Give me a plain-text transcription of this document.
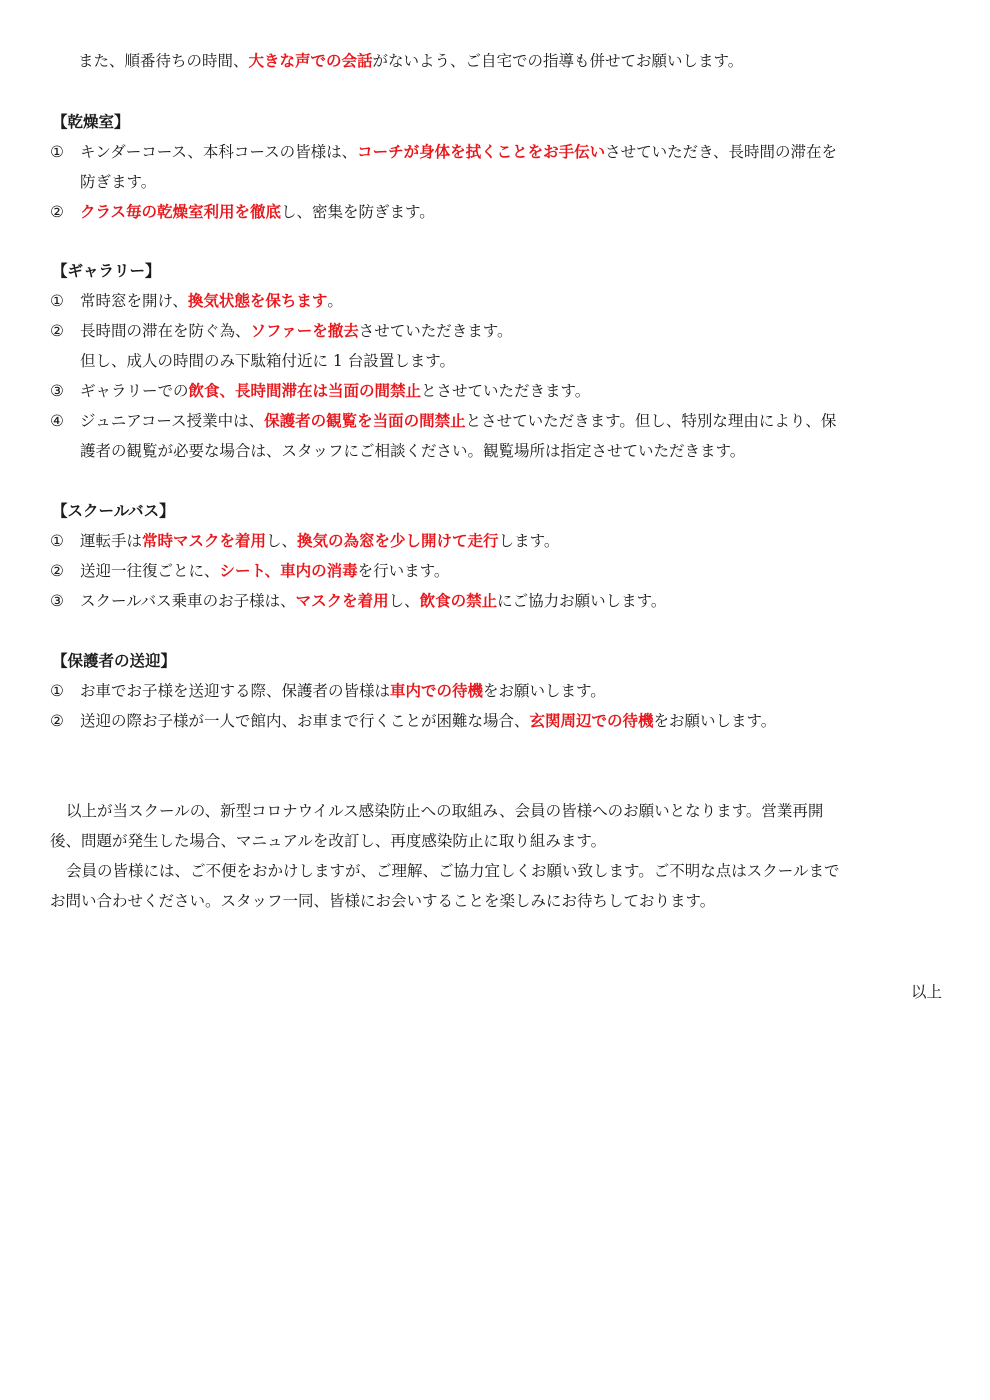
また、順番待ちの時間、大きな声での会話がないよう、ご自宅での指導も併せてお願いします。
【乾燥室】
① キンダーコース、本科コースの皆様は、コーチが身体を拭くことをお手伝いさせていただき、長時間の滞在を
防ぎます。
② クラス毎の乾燥室利用を徹底し、密集を防ぎます。
【ギャラリー】
① 常時窓を開け、換気状態を保ちます。
② 長時間の滞在を防ぐ為、ソファーを撤去させていただきます。
但し、成人の時間のみ下駄箱付近に 1 台設置します。
③ ギャラリーでの飲食、長時間滞在は当面の間禁止とさせていただきます。
④ ジュニアコース授業中は、保護者の観覧を当面の間禁止とさせていただきます。但し、特別な理由により、保
護者の観覧が必要な場合は、スタッフにご相談ください。観覧場所は指定させていただきます。
【スクールバス】
① 運転手は常時マスクを着用し、換気の為窓を少し開けて走行します。
② 送迎一往復ごとに、シート、車内の消毒を行います。
③ スクールバス乗車のお子様は、マスクを着用し、飲食の禁止にご協力お願いします。
【保護者の送迎】
① お車でお子様を送迎する際、保護者の皆様は車内での待機をお願いします。
② 送迎の際お子様が一人で館内、お車まで行くことが困難な場合、玄関周辺での待機をお願いします。
以上が当スクールの、新型コロナウイルス感染防止への取組み、会員の皆様へのお願いとなります。営業再開
後、問題が発生した場合、マニュアルを改訂し、再度感染防止に取り組みます。
会員の皆様には、ご不便をおかけしますが、ご理解、ご協力宜しくお願い致します。ご不明な点はスクールまで
お問い合わせください。スタッフ一同、皆様にお会いすることを楽しみにお待ちしております。
以上
